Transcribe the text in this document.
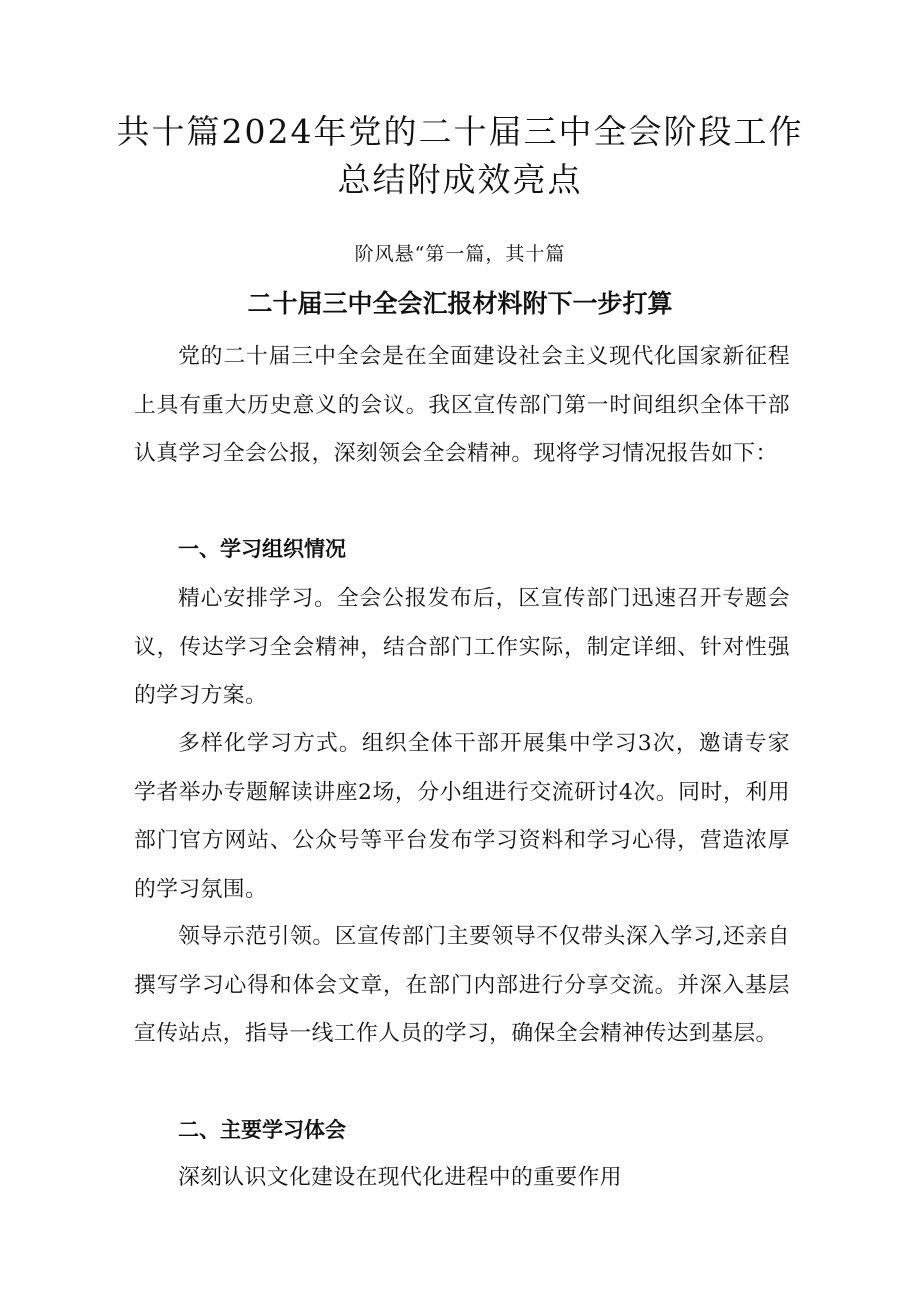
共十篇2024年党的二十届三中全会阶段工作总结附成效亮点
阶风悬“第一篇，其十篇
二十届三中全会汇报材料附下一步打算

党的二十届三中全会是在全面建设社会主义现代化国家新征程上具有重大历史意义的会议。我区宣传部门第一时间组织全体干部认真学习全会公报，深刻领会全会精神。现将学习情况报告如下：

一、学习组织情况

精心安排学习。全会公报发布后，区宣传部门迅速召开专题会议，传达学习全会精神，结合部门工作实际，制定详细、针对性强的学习方案。

多样化学习方式。组织全体干部开展集中学习3次，邀请专家学者举办专题解读讲座2场，分小组进行交流研讨4次。同时，利用部门官方网站、公众号等平台发布学习资料和学习心得，营造浓厚的学习氛围。

领导示范引领。区宣传部门主要领导不仅带头深入学习,还亲自撰写学习心得和体会文章，在部门内部进行分享交流。并深入基层宣传站点，指导一线工作人员的学习，确保全会精神传达到基层。

二、主要学习体会

深刻认识文化建设在现代化进程中的重要作用
